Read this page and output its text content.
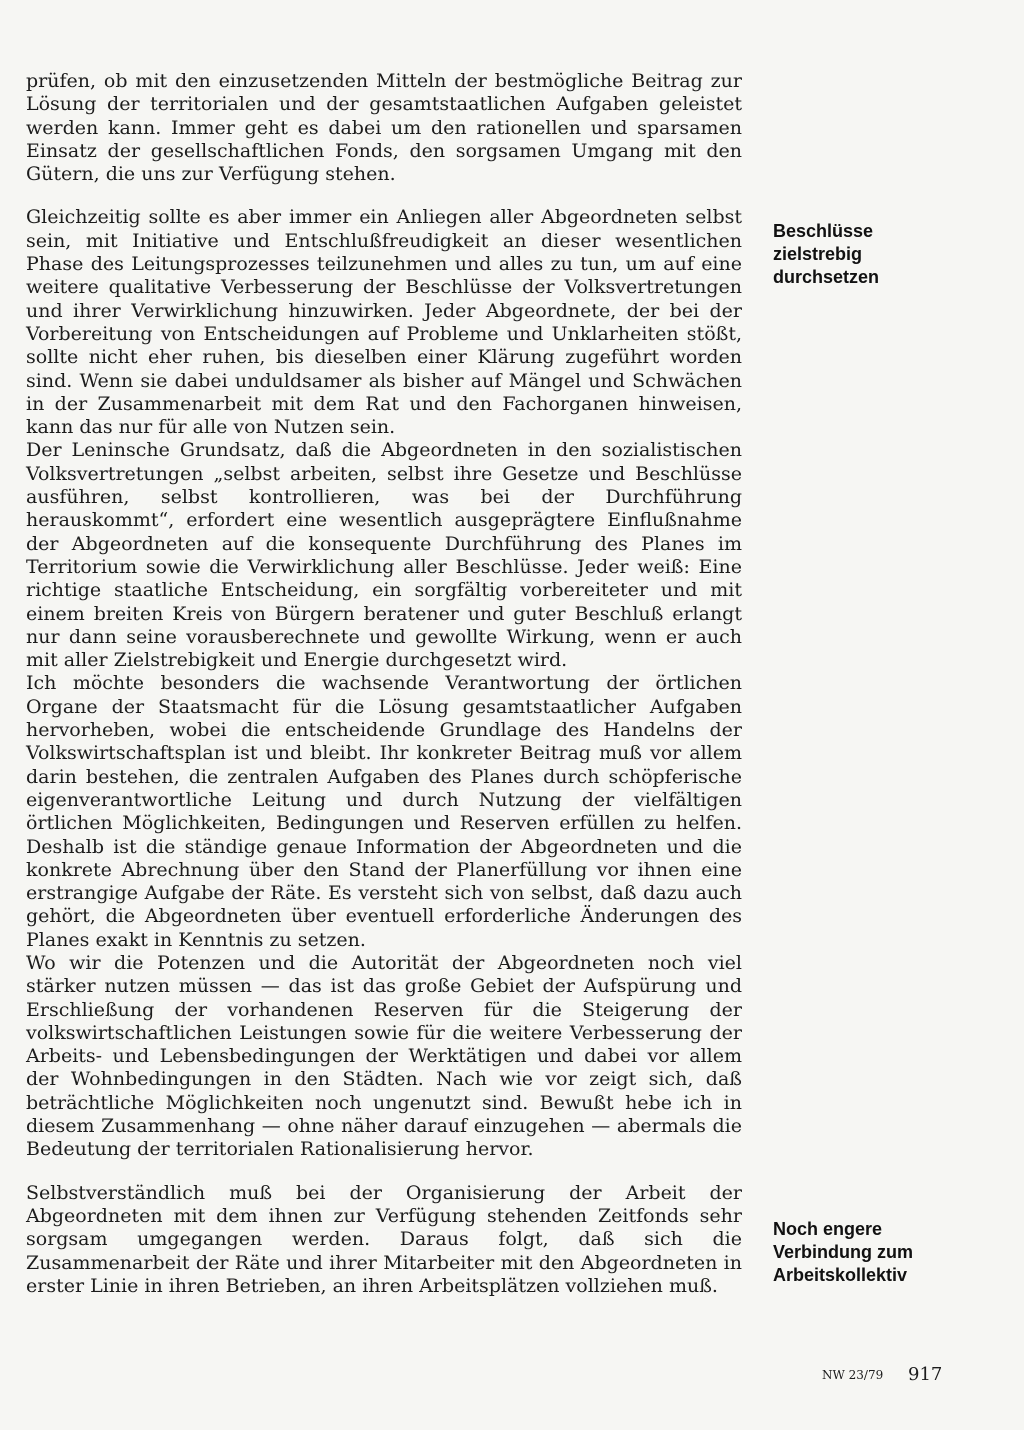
prüfen, ob mit den einzusetzenden Mitteln der bestmögliche Beitrag zur Lösung der territorialen und der gesamtstaatlichen Aufgaben geleistet werden kann. Immer geht es dabei um den rationellen und sparsamen Einsatz der gesellschaftlichen Fonds, den sorgsamen Umgang mit den Gütern, die uns zur Verfügung stehen.

Gleichzeitig sollte es aber immer ein Anliegen aller Abgeordneten selbst sein, mit Initiative und Entschlußfreudigkeit an dieser wesentlichen Phase des Leitungsprozesses teilzunehmen und alles zu tun, um auf eine weitere qualitative Verbesserung der Beschlüsse der Volksvertretungen und ihrer Verwirklichung hinzuwirken. Jeder Abgeordnete, der bei der Vorbereitung von Entscheidungen auf Probleme und Unklarheiten stößt, sollte nicht eher ruhen, bis dieselben einer Klärung zugeführt worden sind. Wenn sie dabei unduldsamer als bisher auf Mängel und Schwächen in der Zusammenarbeit mit dem Rat und den Fachorganen hinweisen, kann das nur für alle von Nutzen sein.

Der Leninsche Grundsatz, daß die Abgeordneten in den sozialistischen Volksvertretungen „selbst arbeiten, selbst ihre Gesetze und Beschlüsse ausführen, selbst kontrollieren, was bei der Durchführung herauskommt“, erfordert eine wesentlich ausgeprägtere Einflußnahme der Abgeordneten auf die konsequente Durchführung des Planes im Territorium sowie die Verwirklichung aller Beschlüsse. Jeder weiß: Eine richtige staatliche Entscheidung, ein sorgfältig vorbereiteter und mit einem breiten Kreis von Bürgern beratener und guter Beschluß erlangt nur dann seine vorausberechnete und gewollte Wirkung, wenn er auch mit aller Zielstrebigkeit und Energie durchgesetzt wird.

Ich möchte besonders die wachsende Verantwortung der örtlichen Organe der Staatsmacht für die Lösung gesamtstaatlicher Aufgaben hervorheben, wobei die entscheidende Grundlage des Handelns der Volkswirtschaftsplan ist und bleibt. Ihr konkreter Beitrag muß vor allem darin bestehen, die zentralen Aufgaben des Planes durch schöpferische eigenverantwortliche Leitung und durch Nutzung der vielfältigen örtlichen Möglichkeiten, Bedingungen und Reserven erfüllen zu helfen. Deshalb ist die ständige genaue Information der Abgeordneten und die konkrete Abrechnung über den Stand der Planerfüllung vor ihnen eine erstrangige Aufgabe der Räte. Es versteht sich von selbst, daß dazu auch gehört, die Abgeordneten über eventuell erforderliche Änderungen des Planes exakt in Kenntnis zu setzen.

Wo wir die Potenzen und die Autorität der Abgeordneten noch viel stärker nutzen müssen — das ist das große Gebiet der Aufspürung und Erschließung der vorhandenen Reserven für die Steigerung der volkswirtschaftlichen Leistungen sowie für die weitere Verbesserung der Arbeits- und Lebensbedingungen der Werktätigen und dabei vor allem der Wohnbedingungen in den Städten. Nach wie vor zeigt sich, daß beträchtliche Möglichkeiten noch ungenutzt sind. Bewußt hebe ich in diesem Zusammenhang — ohne näher darauf einzugehen — abermals die Bedeutung der territorialen Rationalisierung hervor.

Selbstverständlich muß bei der Organisierung der Arbeit der Abgeordneten mit dem ihnen zur Verfügung stehenden Zeitfonds sehr sorgsam umgegangen werden. Daraus folgt, daß sich die Zusammenarbeit der Räte und ihrer Mitarbeiter mit den Abgeordneten in erster Linie in ihren Betrieben, an ihren Arbeitsplätzen vollziehen muß.

Beschlüsse
zielstrebig
durchsetzen
Noch engere
Verbindung zum
Arbeitskollektiv
NW 23/79 917
